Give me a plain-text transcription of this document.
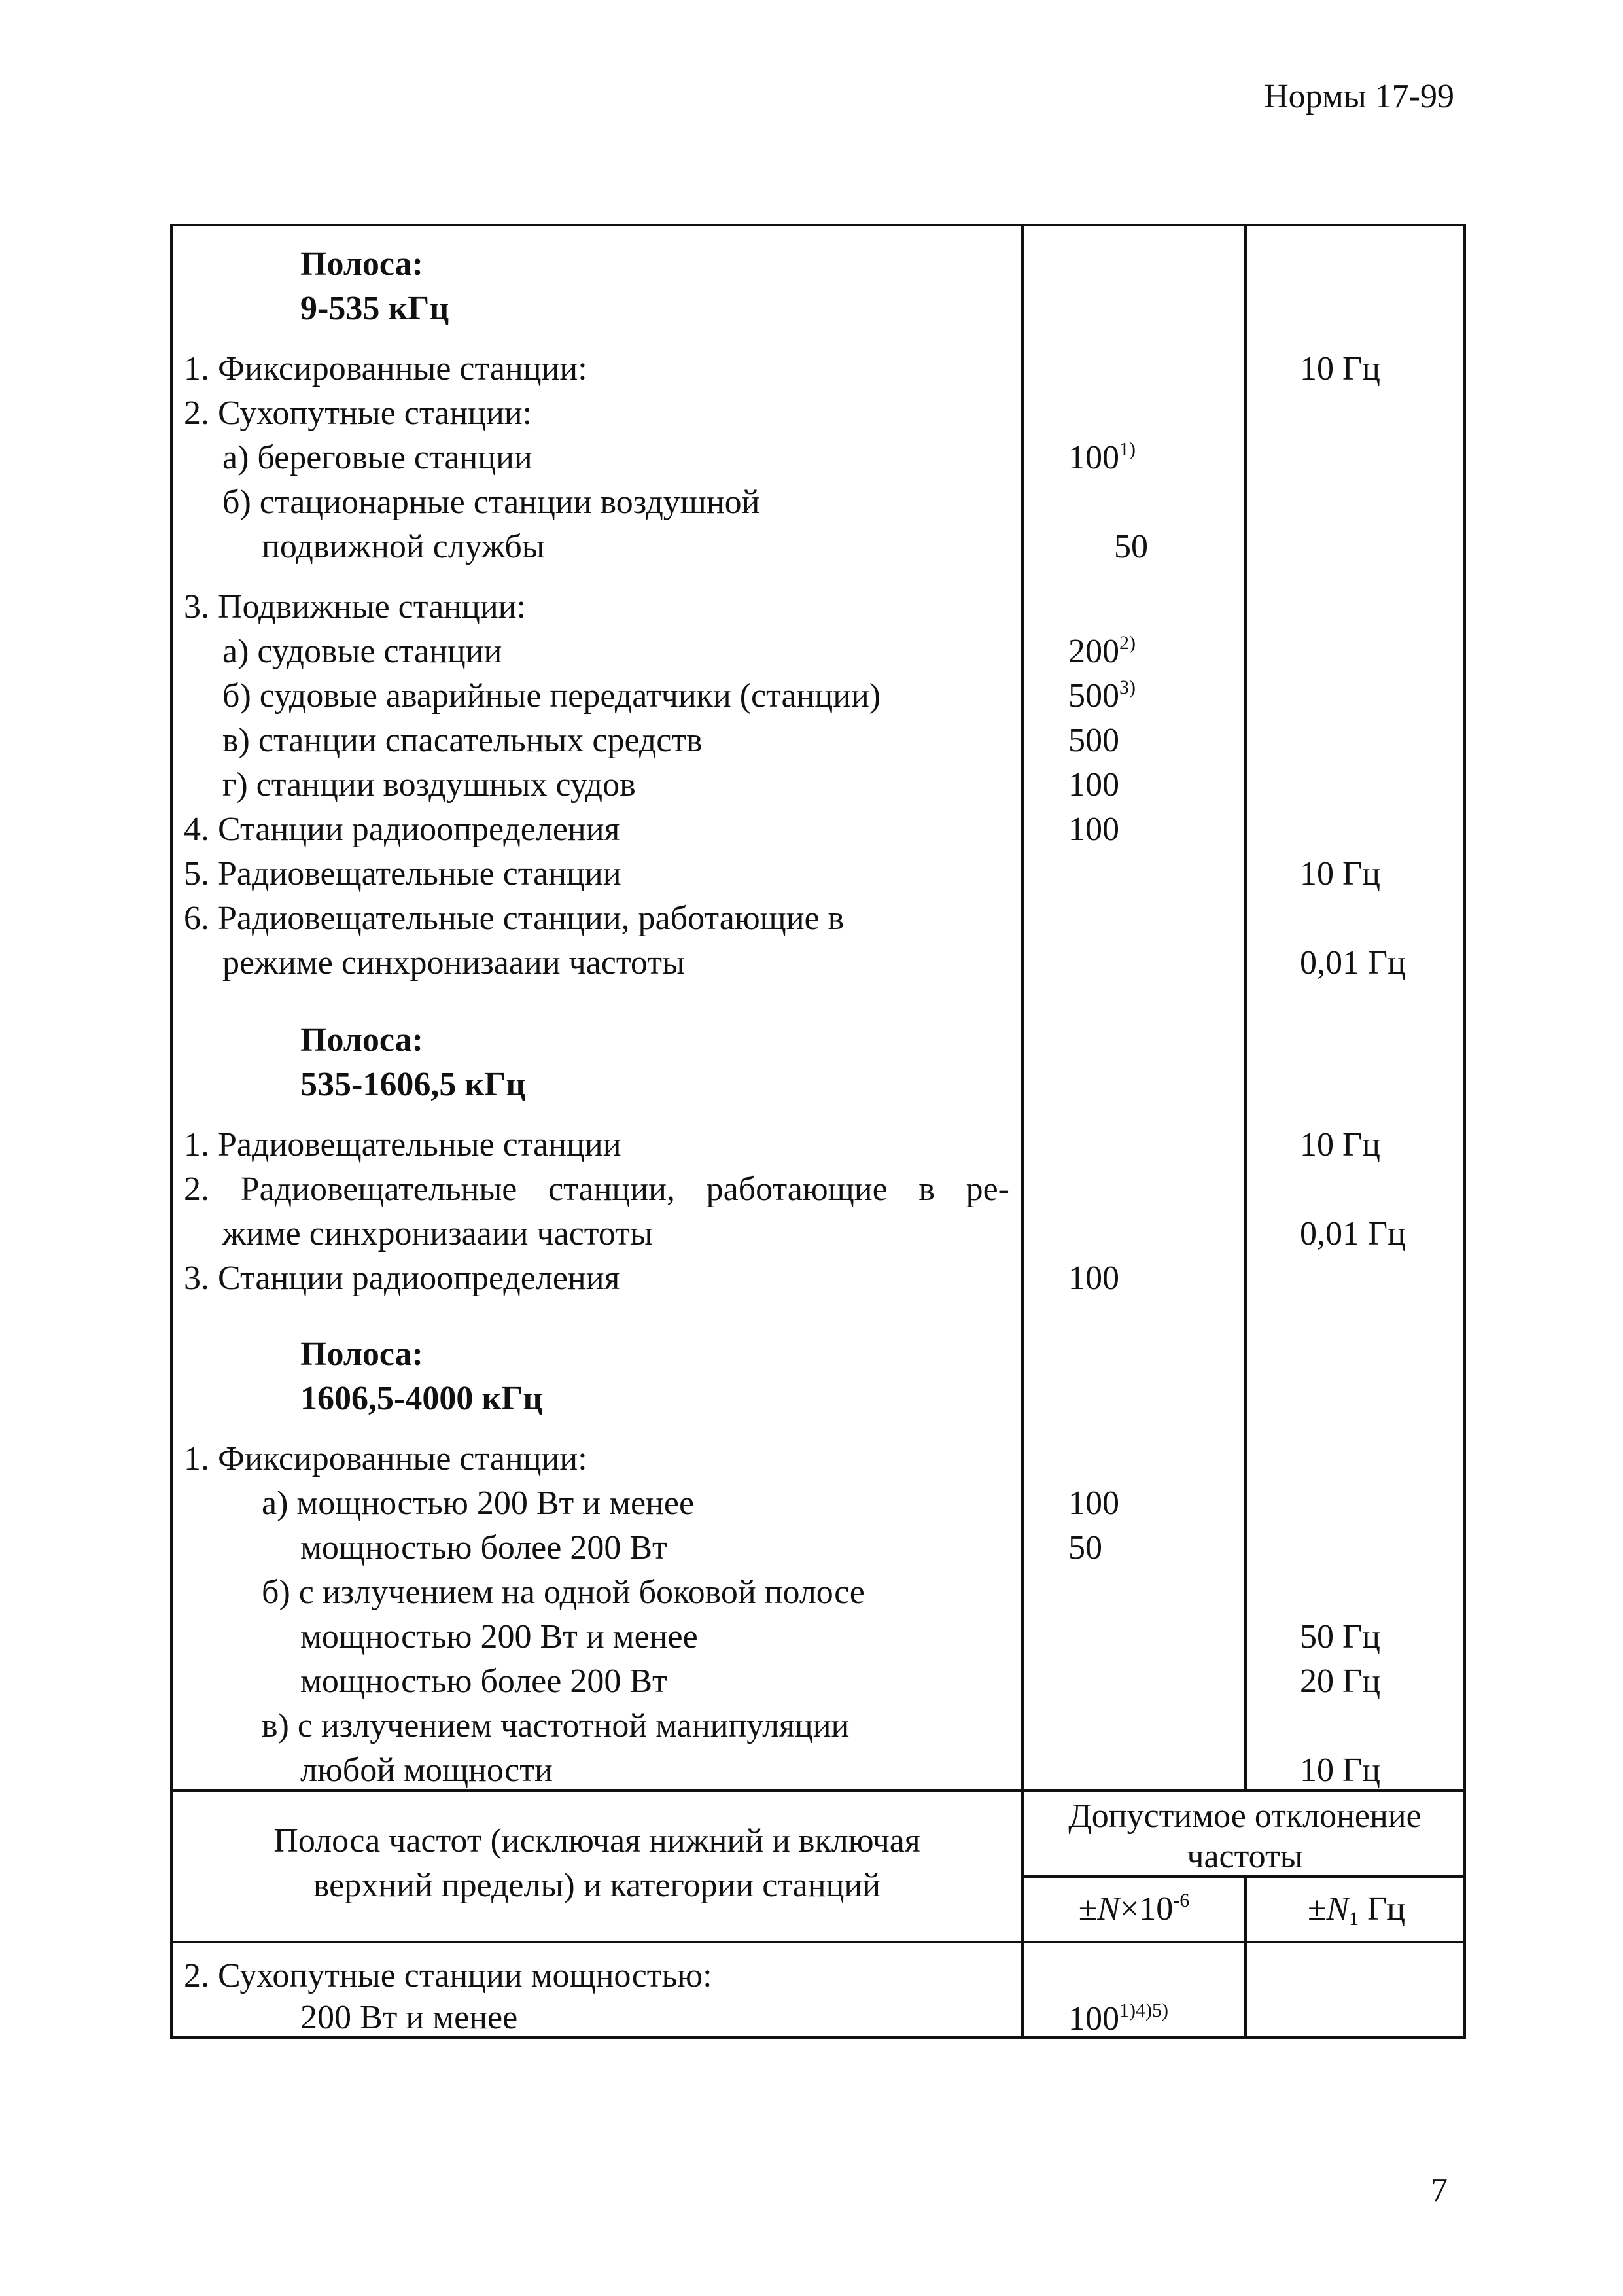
Нормы 17-99
Полоса:
9-535 кГц
1. Фиксированные станции:	10 Гц
2. Сухопутные станции:
а) береговые станции	100$^{1)}$
б) стационарные станции воздушной
подвижной службы	50
3. Подвижные станции:
а) судовые станции	200$^{2)}$
б) судовые аварийные передатчики (станции)	500$^{3)}$
в) станции спасательных средств	500
г) станции воздушных судов	100
4. Станции радиоопределения	100
5. Радиовещательные станции	10 Гц
6. Радиовещательные станции, работающие в
режиме синхронизааии частоты	0,01 Гц
Полоса:
535-1606,5 кГц
1. Радиовещательные станции	10 Гц
2. Радиовещательные станции, работающие в ре-
жиме синхронизааии частоты	0,01 Гц
3. Станции радиоопределения	100
Полоса:
1606,5-4000 кГц
1. Фиксированные станции:
а) мощностью 200 Вт и менее	100
мощностью более 200 Вт	50
б) с излучением на одной боковой полосе
мощностью 200 Вт и менее	50 Гц
мощностью более 200 Вт	20 Гц
в) с излучением частотной манипуляции
любой мощности	10 Гц
Полоса частот (исключая нижний и включая
верхний пределы) и категории станций
Допустимое отклонение
частоты
$\pm N\times 10^{-6}$	$\pm N_1$ Гц
2. Сухопутные станции мощностью:
200 Вт и менее	$100^{1)4)5)}$
7
